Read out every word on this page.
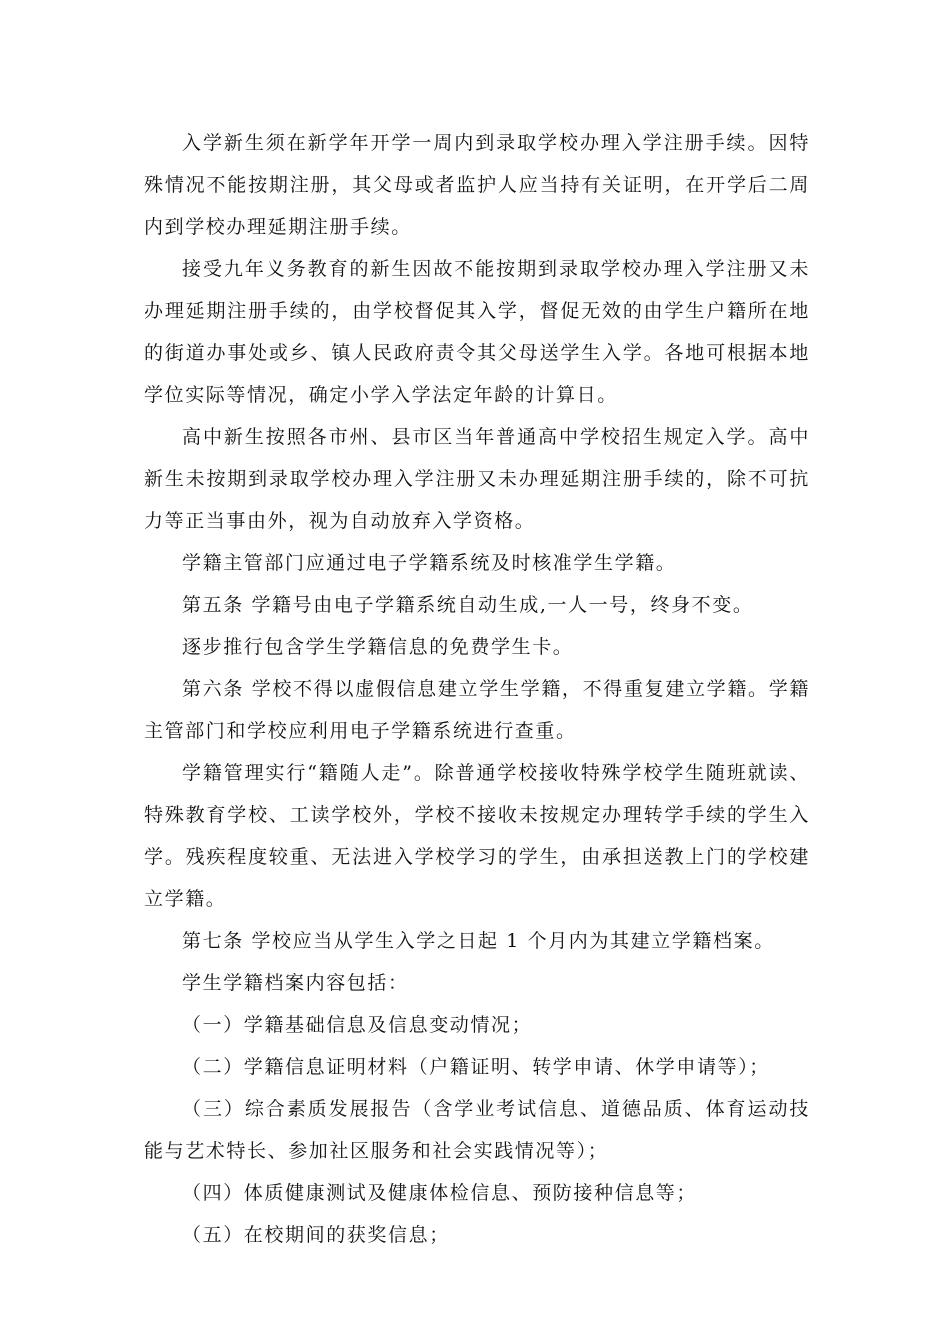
入学新生须在新学年开学一周内到录取学校办理入学注册手续。因特殊情况不能按期注册，其父母或者监护人应当持有关证明，在开学后二周内到学校办理延期注册手续。

接受九年义务教育的新生因故不能按期到录取学校办理入学注册又未办理延期注册手续的，由学校督促其入学，督促无效的由学生户籍所在地的街道办事处或乡、镇人民政府责令其父母送学生入学。各地可根据本地学位实际等情况，确定小学入学法定年龄的计算日。

高中新生按照各市州、县市区当年普通高中学校招生规定入学。高中新生未按期到录取学校办理入学注册又未办理延期注册手续的，除不可抗力等正当事由外，视为自动放弃入学资格。

学籍主管部门应通过电子学籍系统及时核准学生学籍。

第五条 学籍号由电子学籍系统自动生成,一人一号，终身不变。

逐步推行包含学生学籍信息的免费学生卡。

第六条 学校不得以虚假信息建立学生学籍，不得重复建立学籍。学籍主管部门和学校应利用电子学籍系统进行查重。

学籍管理实行“籍随人走”。除普通学校接收特殊学校学生随班就读、特殊教育学校、工读学校外，学校不接收未按规定办理转学手续的学生入学。残疾程度较重、无法进入学校学习的学生，由承担送教上门的学校建立学籍。

第七条 学校应当从学生入学之日起 1 个月内为其建立学籍档案。

学生学籍档案内容包括：

（一）学籍基础信息及信息变动情况；

（二）学籍信息证明材料（户籍证明、转学申请、休学申请等）；

（三）综合素质发展报告（含学业考试信息、道德品质、体育运动技能与艺术特长、参加社区服务和社会实践情况等）；

（四）体质健康测试及健康体检信息、预防接种信息等；

（五）在校期间的获奖信息；
